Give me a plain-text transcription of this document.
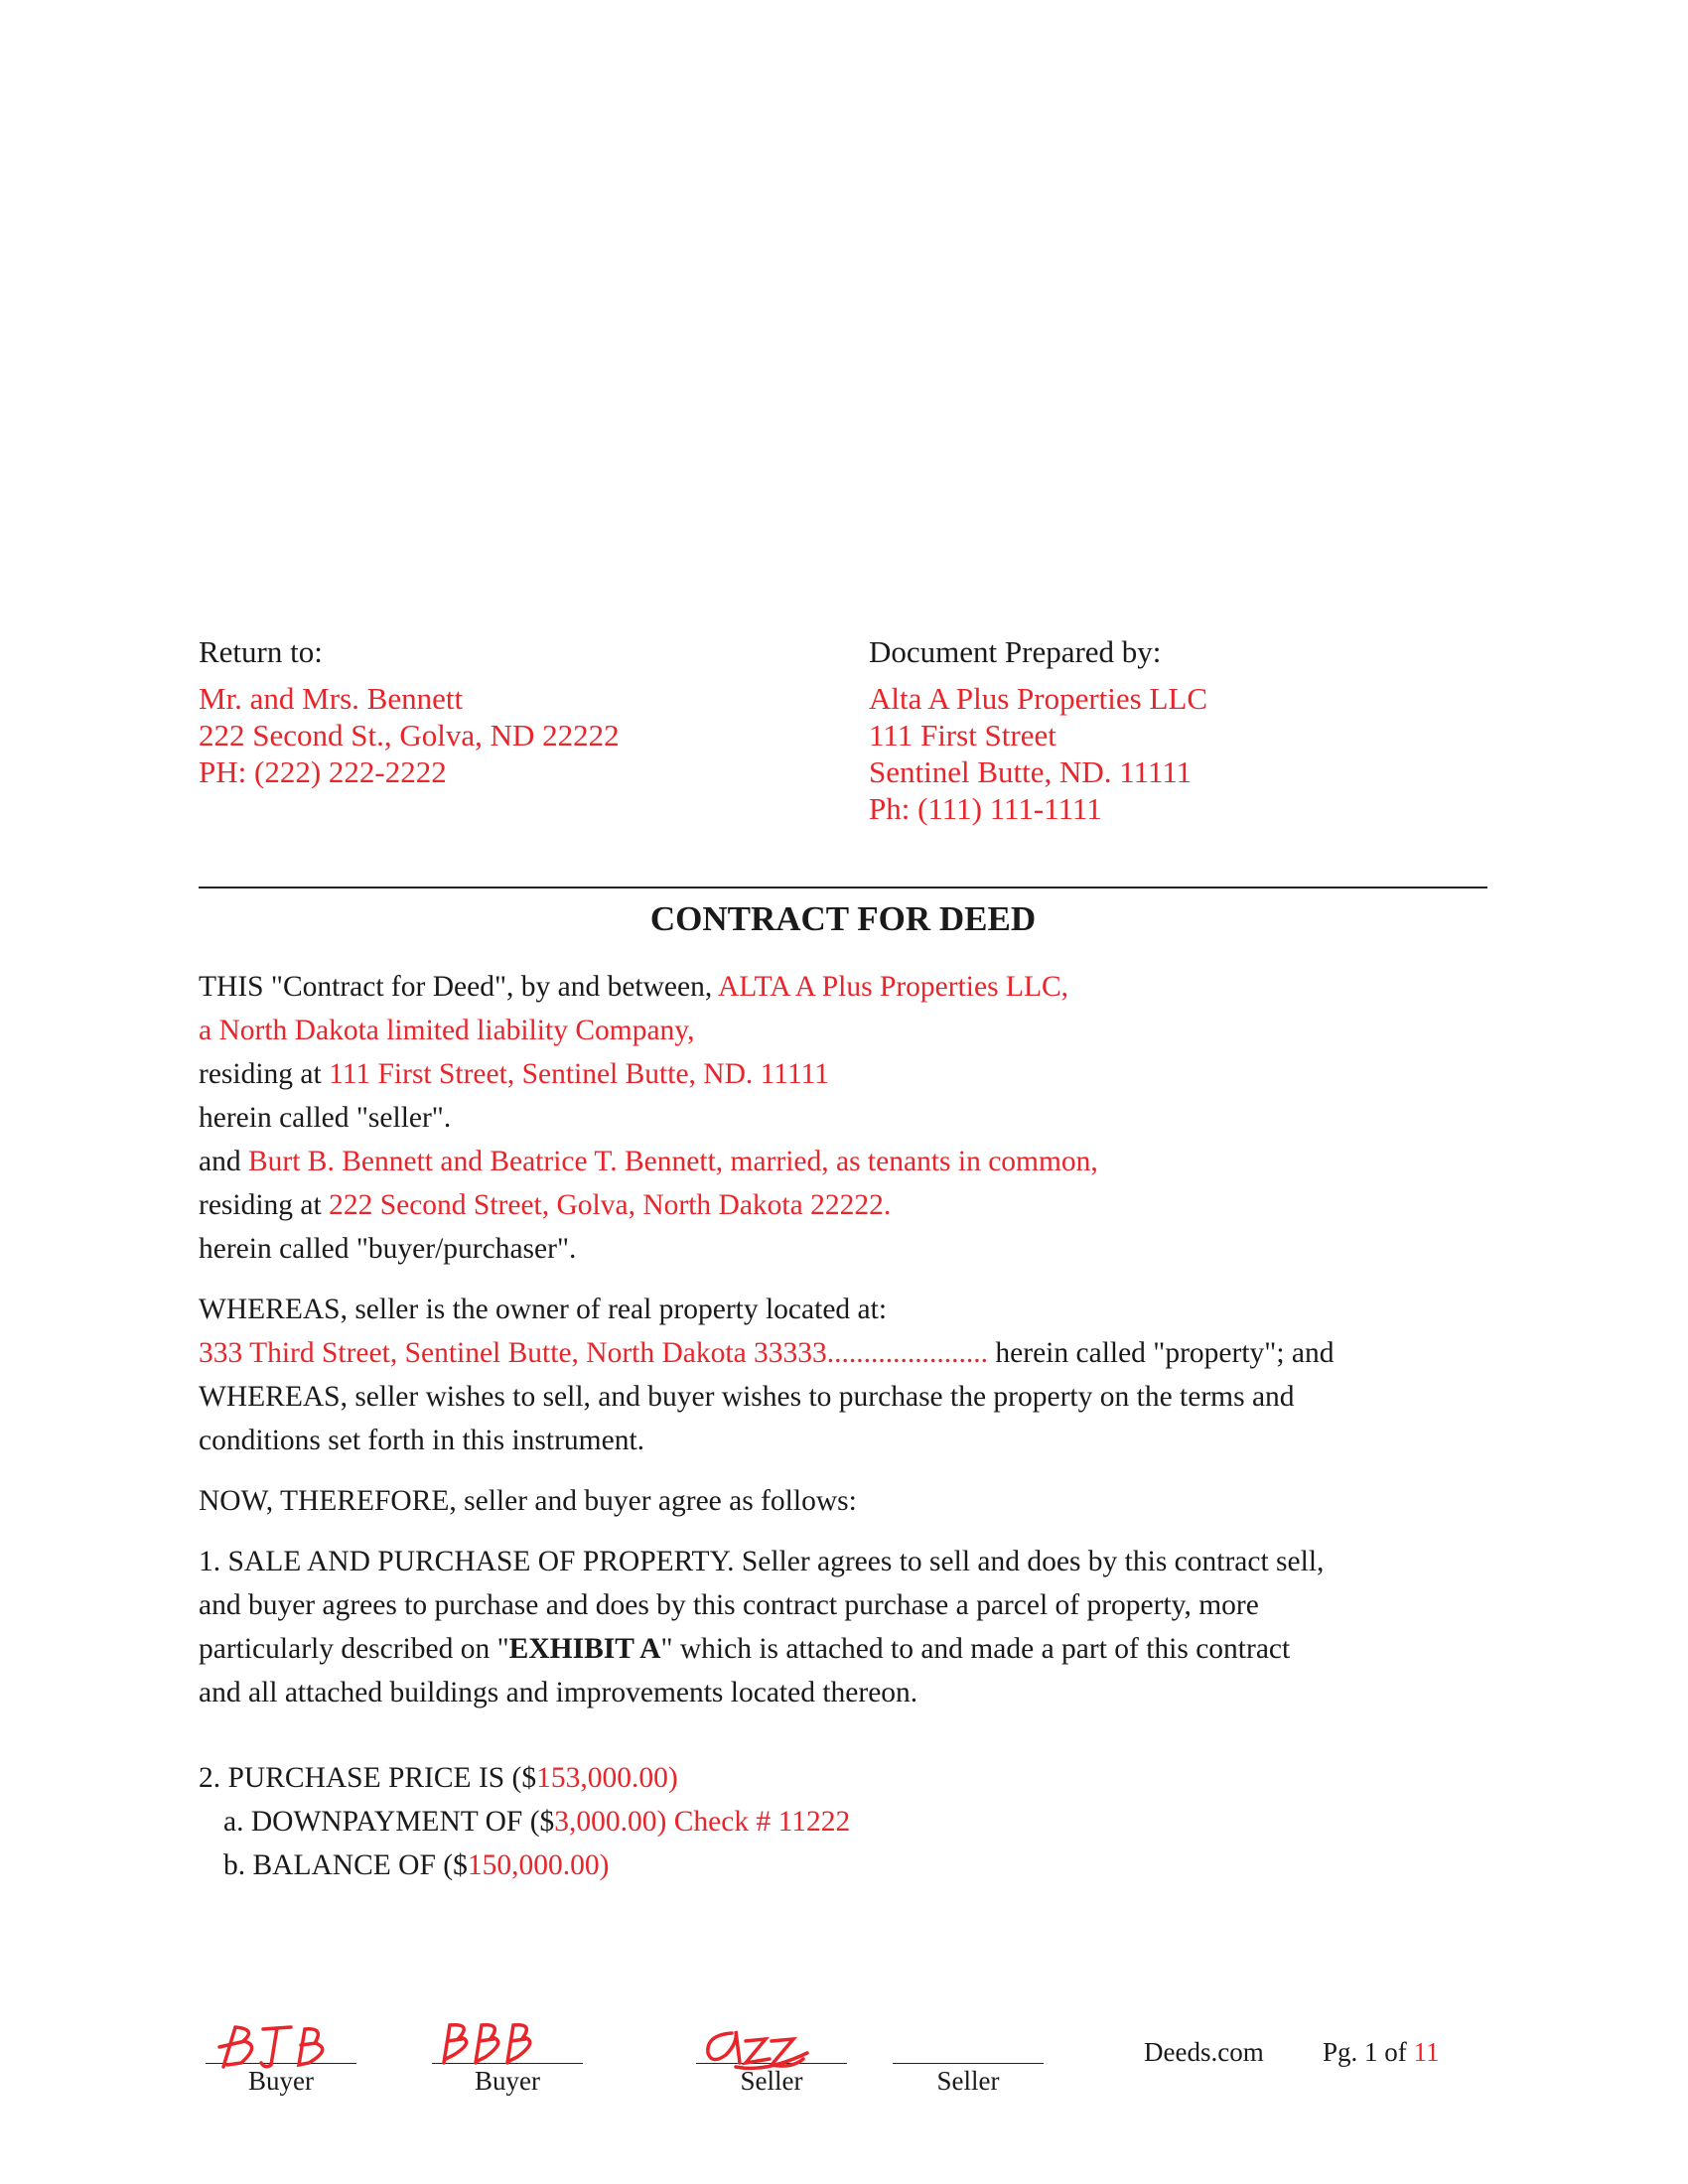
Return to:
Mr. and Mrs. Bennett
222 Second St., Golva, ND 22222
PH: (222) 222-2222
Document Prepared by:
Alta A Plus Properties LLC
111 First Street
Sentinel Butte, ND. 11111
Ph: (111) 111-1111
CONTRACT FOR DEED

THIS "Contract for Deed", by and between, ALTA A Plus Properties LLC,

a North Dakota limited liability Company,

residing at 111 First Street, Sentinel Butte, ND. 11111

herein called "seller".

and Burt B. Bennett and Beatrice T. Bennett, married, as tenants in common,

residing at 222 Second Street, Golva, North Dakota 22222.

herein called "buyer/purchaser".

WHEREAS, seller is the owner of real property located at:

333 Third Street, Sentinel Butte, North Dakota 33333...................... herein called "property"; and

WHEREAS, seller wishes to sell, and buyer wishes to purchase the property on the terms and

conditions set forth in this instrument.

NOW, THEREFORE, seller and buyer agree as follows:

1. SALE AND PURCHASE OF PROPERTY. Seller agrees to sell and does by this contract sell,

and buyer agrees to purchase and does by this contract purchase a parcel of property, more

particularly described on "EXHIBIT A" which is attached to and made a part of this contract

and all attached buildings and improvements located thereon.

2. PURCHASE PRICE IS ($153,000.00)

a. DOWNPAYMENT OF ($3,000.00) Check # 11222

b. BALANCE OF ($150,000.00)

Deeds.com Pg. 1 of 11
Buyer	Buyer	Seller	Seller
